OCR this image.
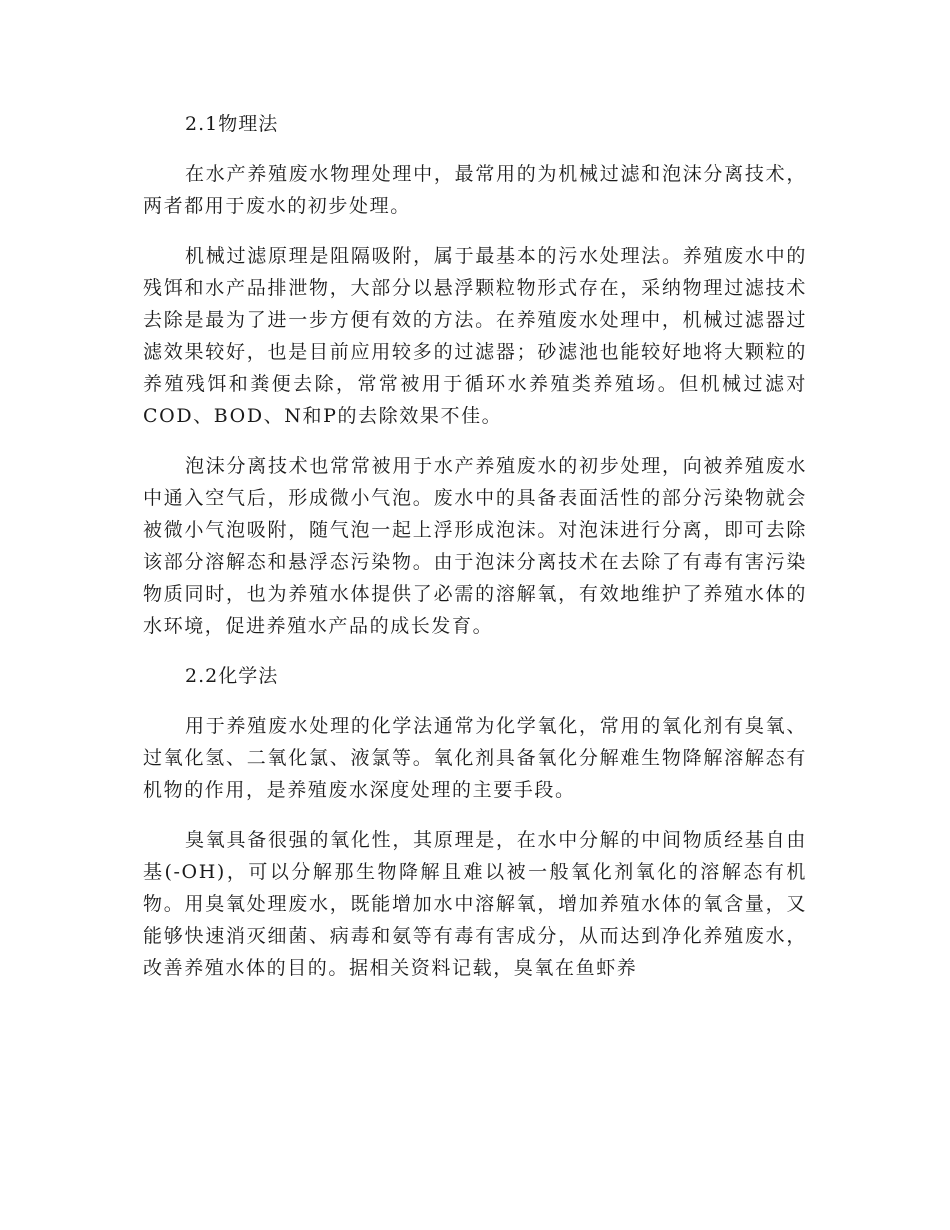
2.1物理法

在水产养殖废水物理处理中，最常用的为机械过滤和泡沫分离技术，两者都用于废水的初步处理。

机械过滤原理是阻隔吸附，属于最基本的污水处理法。养殖废水中的残饵和水产品排泄物，大部分以悬浮颗粒物形式存在，采纳物理过滤技术去除是最为了进一步方便有效的方法。在养殖废水处理中，机械过滤器过滤效果较好，也是目前应用较多的过滤器；砂滤池也能较好地将大颗粒的养殖残饵和粪便去除，常常被用于循环水养殖类养殖场。但机械过滤对COD、BOD、N和P的去除效果不佳。

泡沫分离技术也常常被用于水产养殖废水的初步处理，向被养殖废水中通入空气后，形成微小气泡。废水中的具备表面活性的部分污染物就会被微小气泡吸附，随气泡一起上浮形成泡沫。对泡沫进行分离，即可去除该部分溶解态和悬浮态污染物。由于泡沫分离技术在去除了有毒有害污染物质同时，也为养殖水体提供了必需的溶解氧，有效地维护了养殖水体的水环境，促进养殖水产品的成长发育。

2.2化学法

用于养殖废水处理的化学法通常为化学氧化，常用的氧化剂有臭氧、过氧化氢、二氧化氯、液氯等。氧化剂具备氧化分解难生物降解溶解态有机物的作用，是养殖废水深度处理的主要手段。

臭氧具备很强的氧化性，其原理是，在水中分解的中间物质经基自由基(-OH)，可以分解那生物降解且难以被一般氧化剂氧化的溶解态有机物。用臭氧处理废水，既能增加水中溶解氧，增加养殖水体的氧含量，又能够快速消灭细菌、病毒和氨等有毒有害成分，从而达到净化养殖废水，改善养殖水体的目的。据相关资料记载，臭氧在鱼虾养
